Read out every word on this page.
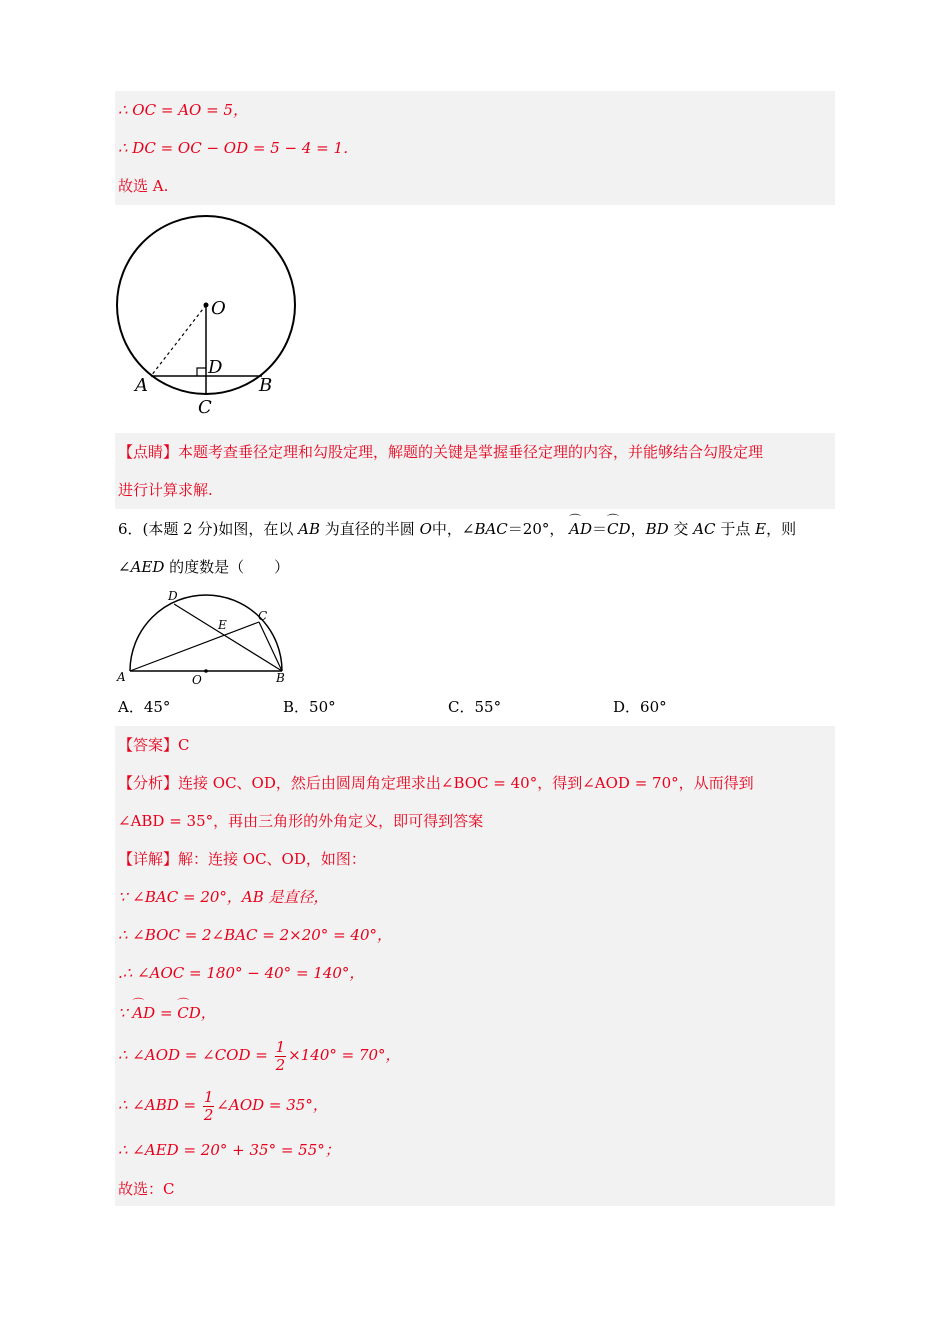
∴ OC = AO = 5，
∴ DC = OC − OD = 5 − 4 = 1．
故选 A.
O
D
A	B
C
【点睛】本题考查垂径定理和勾股定理，解题的关键是掌握垂径定理的内容，并能够结合勾股定理
进行计算求解.
6．(本题 2 分)如图，在以 AB 为直径的半圆 O中，∠BAC＝20°， ⌒ AD＝⌒ CD，BD 交 AC 于点 E，则
∠AED 的度数是（　　）
D
C
E
A	O	B
A．45°	B．50°	C．55°	D．60°
【答案】C
【分析】连接 OC、OD，然后由圆周角定理求出∠BOC = 40°，得到∠AOD = 70°，从而得到
∠ABD = 35°，再由三角形的外角定义，即可得到答案
【详解】解：连接 OC、OD，如图：
∵ ∠BAC = 20°，AB 是直径，
∴ ∠BOC = 2∠BAC = 2×20° = 40°，
.∴ ∠AOC = 180° − 40° = 140°，
∵ ⌒ AD = ⌒ CD，
∴ ∠AOD = ∠COD = $\frac{1}{2} \times 140^\circ = 70^\circ$，
∴ ∠ABD = $\frac{1}{2}$ ∠AOD = 35°，
∴ ∠AED = 20° + 35° = 55°；
故选：C
